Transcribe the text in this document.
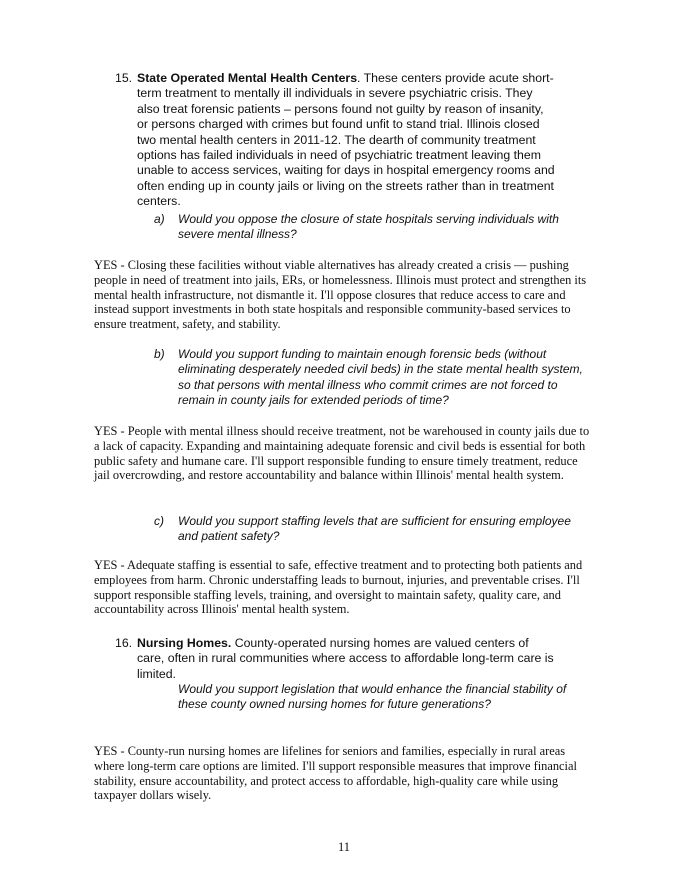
15. State Operated Mental Health Centers. These centers provide acute short-term treatment to mentally ill individuals in severe psychiatric crisis. They also treat forensic patients – persons found not guilty by reason of insanity, or persons charged with crimes but found unfit to stand trial. Illinois closed two mental health centers in 2011-12. The dearth of community treatment options has failed individuals in need of psychiatric treatment leaving them unable to access services, waiting for days in hospital emergency rooms and often ending up in county jails or living on the streets rather than in treatment centers.

a) Would you oppose the closure of state hospitals serving individuals with severe mental illness?

YES - Closing these facilities without viable alternatives has already created a crisis — pushing people in need of treatment into jails, ERs, or homelessness. Illinois must protect and strengthen its mental health infrastructure, not dismantle it. I'll oppose closures that reduce access to care and instead support investments in both state hospitals and responsible community-based services to ensure treatment, safety, and stability.

b) Would you support funding to maintain enough forensic beds (without eliminating desperately needed civil beds) in the state mental health system, so that persons with mental illness who commit crimes are not forced to remain in county jails for extended periods of time?

YES - People with mental illness should receive treatment, not be warehoused in county jails due to a lack of capacity. Expanding and maintaining adequate forensic and civil beds is essential for both public safety and humane care. I'll support responsible funding to ensure timely treatment, reduce jail overcrowding, and restore accountability and balance within Illinois' mental health system.

c) Would you support staffing levels that are sufficient for ensuring employee and patient safety?

YES - Adequate staffing is essential to safe, effective treatment and to protecting both patients and employees from harm. Chronic understaffing leads to burnout, injuries, and preventable crises. I'll support responsible staffing levels, training, and oversight to maintain safety, quality care, and accountability across Illinois' mental health system.

16. Nursing Homes. County-operated nursing homes are valued centers of care, often in rural communities where access to affordable long-term care is limited.

Would you support legislation that would enhance the financial stability of these county owned nursing homes for future generations?

YES - County-run nursing homes are lifelines for seniors and families, especially in rural areas where long-term care options are limited. I'll support responsible measures that improve financial stability, ensure accountability, and protect access to affordable, high-quality care while using taxpayer dollars wisely.

11
